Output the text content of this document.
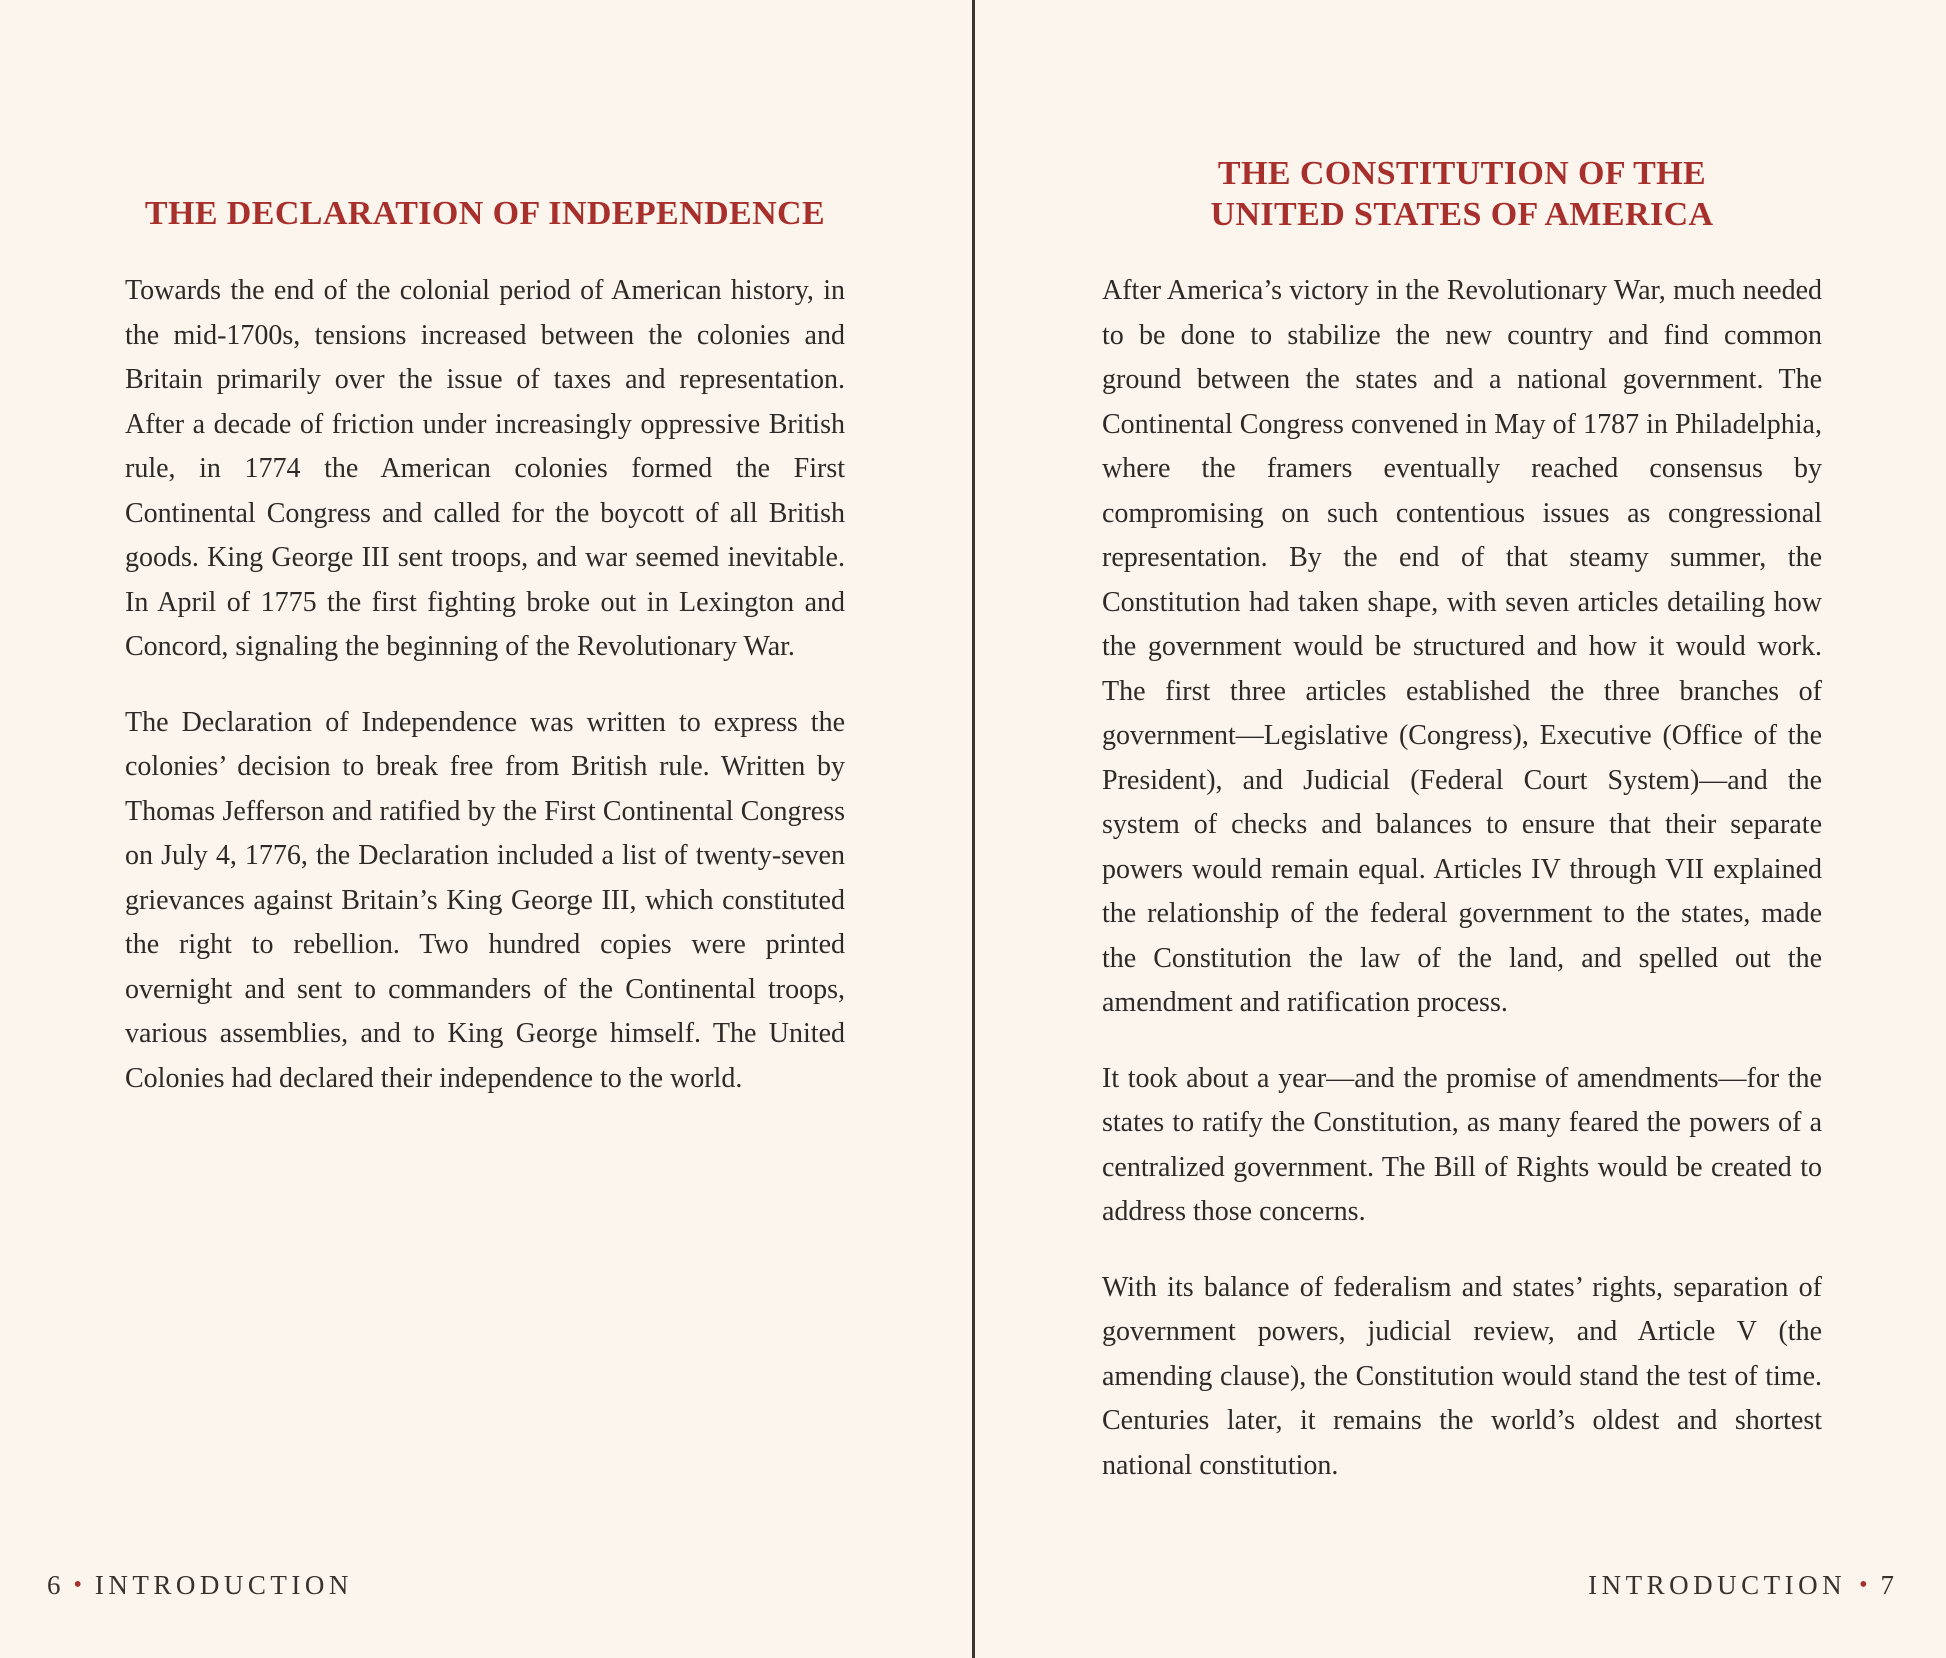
THE DECLARATION OF INDEPENDENCE

Towards the end of the colonial period of American history, in the mid-1700s, tensions increased between the colonies and Britain primarily over the issue of taxes and representation. After a decade of friction under increasingly oppressive British rule, in 1774 the American colonies formed the First Continental Congress and called for the boycott of all British goods. King George III sent troops, and war seemed inevitable. In April of 1775 the first fighting broke out in Lexington and Concord, signaling the beginning of the Revolutionary War.

The Declaration of Independence was written to express the colonies’ decision to break free from British rule. Written by Thomas Jefferson and ratified by the First Continental Congress on July 4, 1776, the Declaration included a list of twenty-seven grievances against Britain’s King George III, which constituted the right to rebellion. Two hundred copies were printed overnight and sent to commanders of the Continental troops, various assemblies, and to King George himself. The United Colonies had declared their independence to the world.

THE CONSTITUTION OF THE
UNITED STATES OF AMERICA

After America’s victory in the Revolutionary War, much needed to be done to stabilize the new country and find common ground between the states and a national government. The Continental Congress convened in May of 1787 in Philadelphia, where the framers eventually reached consensus by compromising on such contentious issues as congressional representation. By the end of that steamy summer, the Constitution had taken shape, with seven articles detailing how the government would be structured and how it would work. The first three articles established the three branches of government—Legislative (Congress), Executive (Office of the President), and Judicial (Federal Court System)—and the system of checks and balances to ensure that their separate powers would remain equal. Articles IV through VII explained the relationship of the federal government to the states, made the Constitution the law of the land, and spelled out the amendment and ratification process.

It took about a year—and the promise of amendments—for the states to ratify the Constitution, as many feared the powers of a centralized government. The Bill of Rights would be created to address those concerns.

With its balance of federalism and states’ rights, separation of government powers, judicial review, and Article V (the amending clause), the Constitution would stand the test of time. Centuries later, it remains the world’s oldest and shortest national constitution.

6 • INTRODUCTION	INTRODUCTION • 7
